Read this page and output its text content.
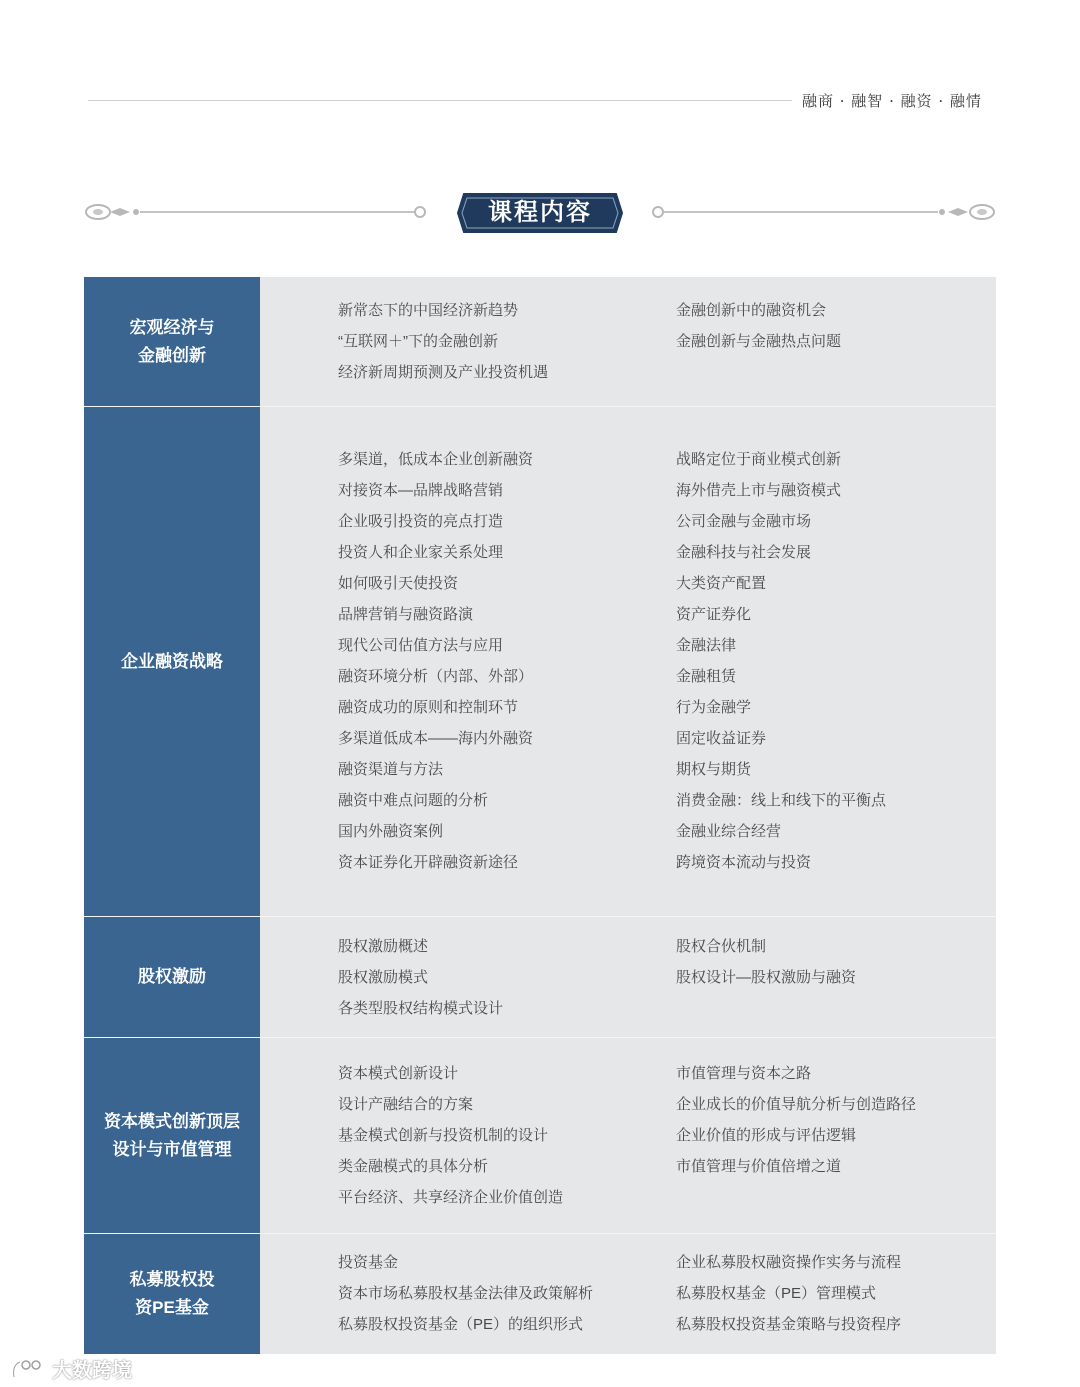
融商 · 融智 · 融资 · 融情
课程内容
宏观经济与
金融创新
新常态下的中国经济新趋势
“互联网＋”下的金融创新
经济新周期预测及产业投资机遇
金融创新中的融资机会
金融创新与金融热点问题
企业融资战略
多渠道，低成本企业创新融资
对接资本—品牌战略营销
企业吸引投资的亮点打造
投资人和企业家关系处理
如何吸引天使投资
品牌营销与融资路演
现代公司估值方法与应用
融资环境分析（内部、外部）
融资成功的原则和控制环节
多渠道低成本——海内外融资
融资渠道与方法
融资中难点问题的分析
国内外融资案例
资本证券化开辟融资新途径
战略定位于商业模式创新
海外借壳上市与融资模式
公司金融与金融市场
金融科技与社会发展
大类资产配置
资产证券化
金融法律
金融租赁
行为金融学
固定收益证券
期权与期货
消费金融：线上和线下的平衡点
金融业综合经营
跨境资本流动与投资
股权激励
股权激励概述
股权激励模式
各类型股权结构模式设计
股权合伙机制
股权设计—股权激励与融资
资本模式创新顶层
设计与市值管理
资本模式创新设计
设计产融结合的方案
基金模式创新与投资机制的设计
类金融模式的具体分析
平台经济、共享经济企业价值创造
市值管理与资本之路
企业成长的价值导航分析与创造路径
企业价值的形成与评估逻辑
市值管理与价值倍增之道
私募股权投
资PE基金
投资基金
资本市场私募股权基金法律及政策解析
私募股权投资基金（PE）的组织形式
企业私募股权融资操作实务与流程
私募股权基金（PE）管理模式
私募股权投资基金策略与投资程序
大数跨境
